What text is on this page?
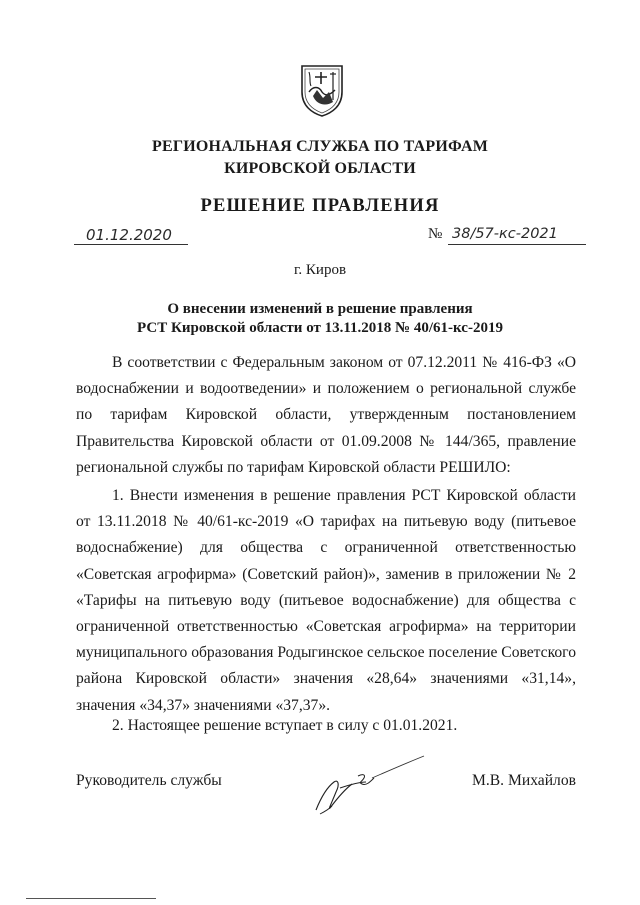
РЕГИОНАЛЬНАЯ СЛУЖБА ПО ТАРИФАМ
КИРОВСКОЙ ОБЛАСТИ
РЕШЕНИЕ ПРАВЛЕНИЯ
01.12.2020	№ 38/57-кс-2021
г. Киров
О внесении изменений в решение правления
РСТ Кировской области от 13.11.2018 № 40/61-кс-2019

В соответствии с Федеральным законом от 07.12.2011 № 416-ФЗ «О водоснабжении и водоотведении» и положением о региональной службе по тарифам Кировской области, утвержденным постановлением Правительства Кировской области от 01.09.2008 № 144/365, правление региональной службы по тарифам Кировской области РЕШИЛО:

1. Внести изменения в решение правления РСТ Кировской области от 13.11.2018 № 40/61-кс-2019 «О тарифах на питьевую воду (питьевое водоснабжение) для общества с ограниченной ответственностью «Советская агрофирма» (Советский район)», заменив в приложении № 2 «Тарифы на питьевую воду (питьевое водоснабжение) для общества с ограниченной ответственностью «Советская агрофирма» на территории муниципального образования Родыгинское сельское поселение Советского района Кировской области» значения «28,64» значениями «31,14», значения «34,37» значениями «37,37».

2. Настоящее решение вступает в силу с 01.01.2021.

Руководитель службы	М.В. Михайлов
